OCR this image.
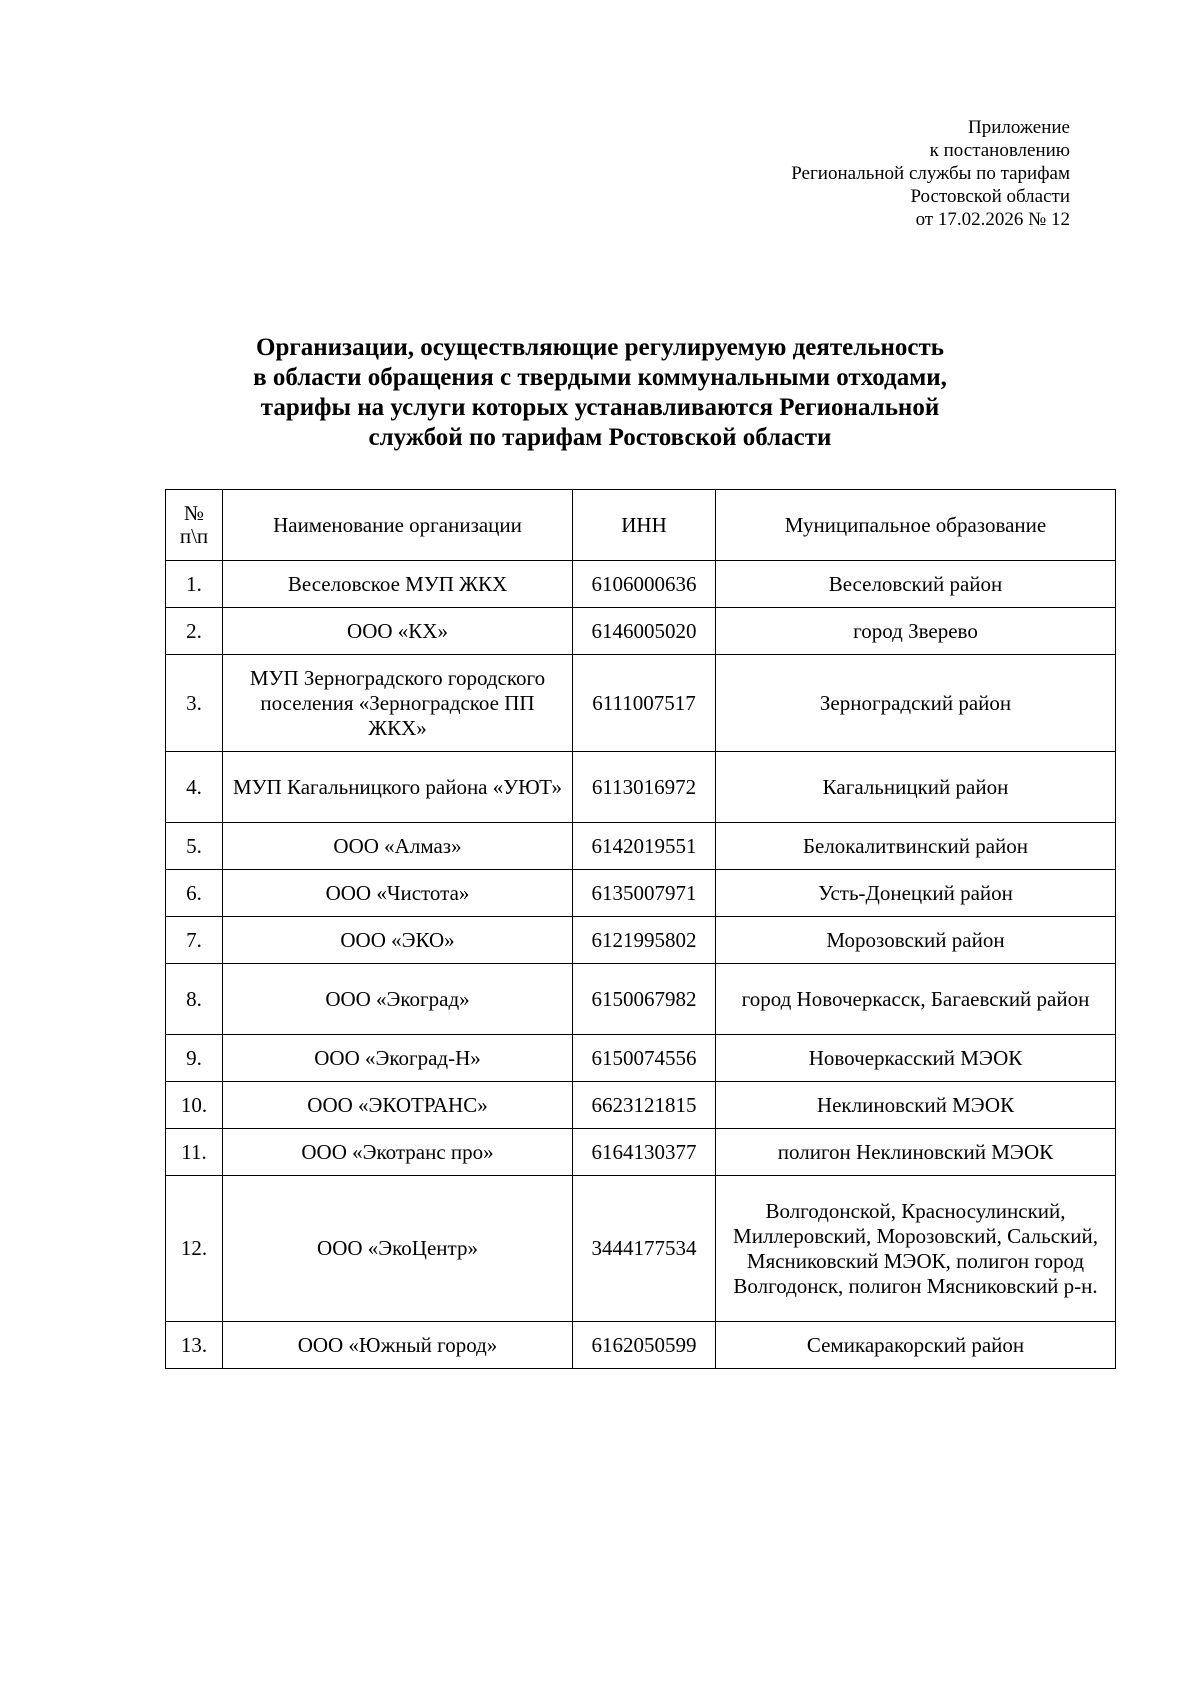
Приложение
к постановлению
Региональной службы по тарифам
Ростовской области
от 17.02.2026 № 12
Организации, осуществляющие регулируемую деятельность
в области обращения с твердыми коммунальными отходами,
тарифы на услуги которых устанавливаются Региональной
службой по тарифам Ростовской области
№
п\п	Наименование организации	ИНН	Муниципальное образование
1.	Веселовское МУП ЖКХ	6106000636	Веселовский район
2.	ООО «КХ»	6146005020	город Зверево
3.	МУП Зерноградского городского поселения «Зерноградское ПП ЖКХ»	6111007517	Зерноградский район
4.	МУП Кагальницкого района «УЮТ»	6113016972	Кагальницкий район
5.	ООО «Алмаз»	6142019551	Белокалитвинский район
6.	ООО «Чистота»	6135007971	Усть-Донецкий район
7.	ООО «ЭКО»	6121995802	Морозовский район
8.	ООО «Экоград»	6150067982	город Новочеркасск, Багаевский район
9.	ООО «Экоград-Н»	6150074556	Новочеркасский МЭОК
10.	ООО «ЭКОТРАНС»	6623121815	Неклиновский МЭОК
11.	ООО «Экотранс про»	6164130377	полигон Неклиновский МЭОК
12.	ООО «ЭкоЦентр»	3444177534	Волгодонской, Красносулинский, Миллеровский, Морозовский, Сальский, Мясниковский МЭОК, полигон город Волгодонск, полигон Мясниковский р-н.
13.	ООО «Южный город»	6162050599	Семикаракорский район
